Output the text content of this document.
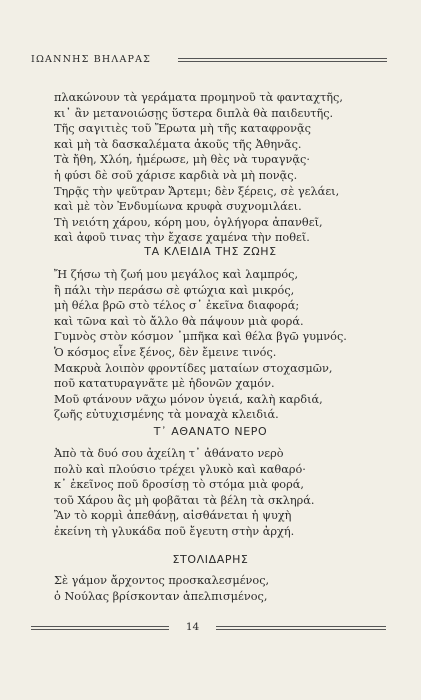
ΙΩΑΝΝΗΣ ΒΗΛΑΡΑΣ
πλακώνουν τὰ γεράματα προμηνοῦ τὰ φανταχτῆς,
κι᾿ ἂν μετανοιώσῃς ὕστερα διπλὰ θὰ παιδευτῆς.
Τῆς σαγιτιὲς τοῦ Ἔρωτα μὴ τῆς καταφρονᾷς
καὶ μὴ τὰ δασκαλέματα ἀκοῦς τῆς Ἀθηνᾶς.
Τὰ ἤθη, Χλόη, ἡμέρωσε, μὴ θὲς νὰ τυραγνᾷς·
ἡ φύσι δὲ σοῦ χάρισε καρδιὰ νὰ μὴ πονᾷς.
Τηρᾷς τὴν ψεῦτραν Ἄρτεμι; δὲν ξέρεις, σὲ γελάει,
καὶ μὲ τὸν Ἐνδυμίωνα κρυφὰ συχνομιλάει.
Τὴ νειότη χάρου, κόρη μου, ὀγλήγορα ἀπανθεῖ,
καὶ ἀφοῦ τινας τὴν ἔχασε χαμένα τὴν ποθεῖ.
ΤΑ ΚΛΕΙΔΙΑ ΤΗΣ ΖΩΗΣ
Ἤ ζήσω τὴ ζωή μου μεγάλος καὶ λαμπρός,
ἢ πάλι τὴν περάσω σὲ φτώχια καὶ μικρός,
μὴ θέλα βρῶ στὸ τέλος σ᾿ ἐκεῖνα διαφορά;
καὶ τῶνα καὶ τὸ ἄλλο θὰ πάψουν μιὰ φορά.
Γυμνὸς στὸν κόσμον ᾿μπῆκα καὶ θέλα βγῶ γυμνός.
Ὁ κόσμος εἶνε ξένος, δὲν ἔμεινε τινός.
Μακρυὰ λοιπὸν φροντίδες ματαίων στοχασμῶν,
ποῦ κατατυραγνᾶτε μὲ ἡδονῶν χαμόν.
Μοῦ φτάνουν νᾶχω μόνον ὑγειά, καλὴ καρδιά,
ζωῆς εὐτυχισμένης τὰ μοναχὰ κλειδιά.
Τ᾿ ΑΘΑΝΑΤΟ ΝΕΡΟ
Ἀπὸ τὰ δυό σου ἀχείλη τ᾿ ἀθάνατο νερὸ
πολὺ καὶ πλούσιο τρέχει γλυκὸ καὶ καθαρό·
κ᾿ ἐκεῖνος ποῦ δροσίσῃ τὸ στόμα μιὰ φορά,
τοῦ Χάρου ἂς μὴ φοβᾶται τὰ βέλη τὰ σκληρά.
Ἂν τὸ κορμὶ ἀπεθάνῃ, αἰσθάνεται ἡ ψυχὴ
ἐκείνη τὴ γλυκάδα ποῦ ἔγευτη στὴν ἀρχή.
ΣΤΟΛΙΔΑΡΗΣ
Σὲ γάμον ἄρχοντος προσκαλεσμένος,
ὁ Νούλας βρίσκονταν ἀπελπισμένος,
14
